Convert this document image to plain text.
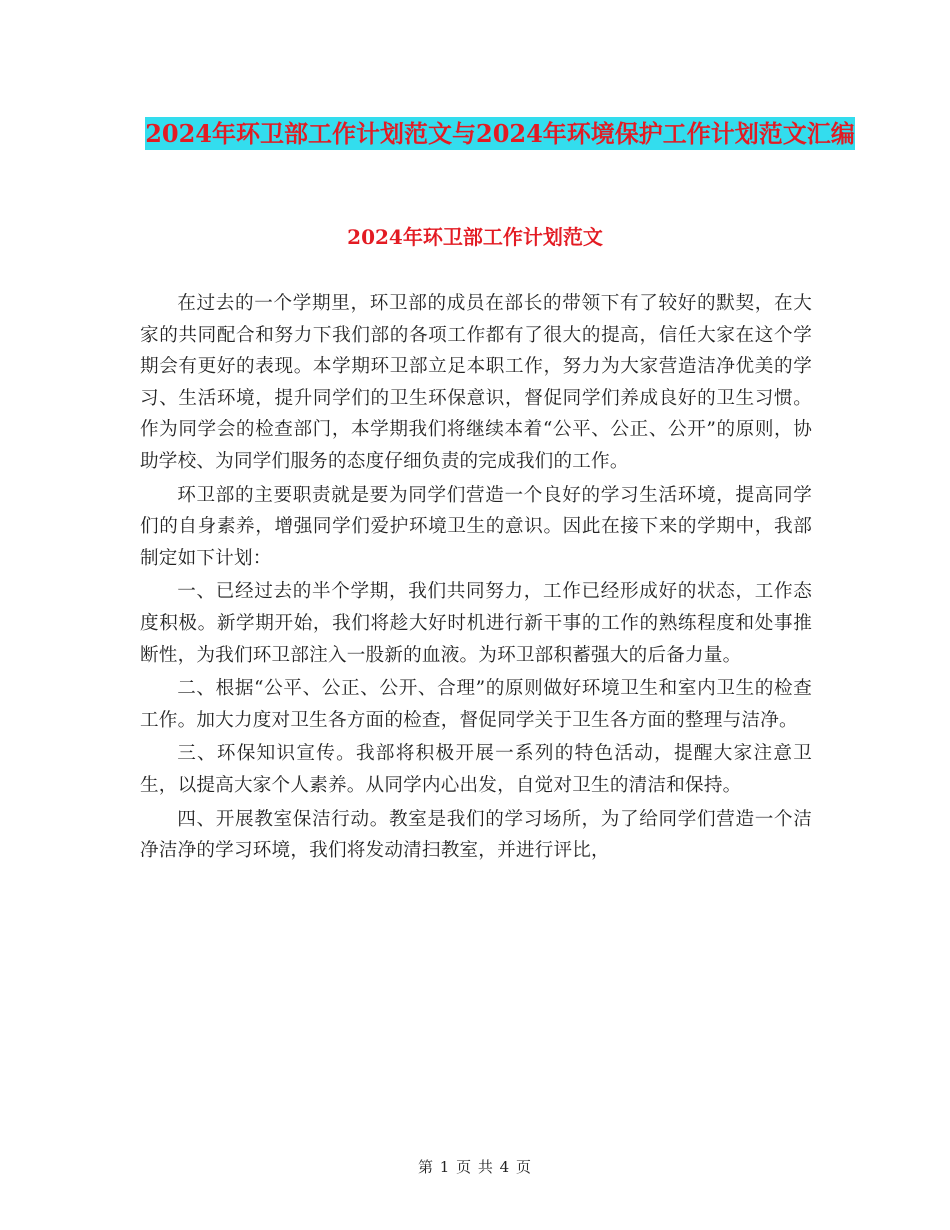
2024年环卫部工作计划范文与2024年环境保护工作计划范文汇编
2024年环卫部工作计划范文

在过去的一个学期里，环卫部的成员在部长的带领下有了较好的默契，在大家的共同配合和努力下我们部的各项工作都有了很大的提高，信任大家在这个学期会有更好的表现。本学期环卫部立足本职工作，努力为大家营造洁净优美的学习、生活环境，提升同学们的卫生环保意识，督促同学们养成良好的卫生习惯。作为同学会的检查部门，本学期我们将继续本着“公平、公正、公开”的原则，协助学校、为同学们服务的态度仔细负责的完成我们的工作。

环卫部的主要职责就是要为同学们营造一个良好的学习生活环境，提高同学们的自身素养，增强同学们爱护环境卫生的意识。因此在接下来的学期中，我部制定如下计划：

一、已经过去的半个学期，我们共同努力，工作已经形成好的状态，工作态度积极。新学期开始，我们将趁大好时机进行新干事的工作的熟练程度和处事推断性，为我们环卫部注入一股新的血液。为环卫部积蓄强大的后备力量。

二、根据“公平、公正、公开、合理”的原则做好环境卫生和室内卫生的检查工作。加大力度对卫生各方面的检查，督促同学关于卫生各方面的整理与洁净。

三、环保知识宣传。我部将积极开展一系列的特色活动，提醒大家注意卫生，以提高大家个人素养。从同学内心出发，自觉对卫生的清洁和保持。

四、开展教室保洁行动。教室是我们的学习场所，为了给同学们营造一个洁净洁净的学习环境，我们将发动清扫教室，并进行评比，

第 1 页 共 4 页
